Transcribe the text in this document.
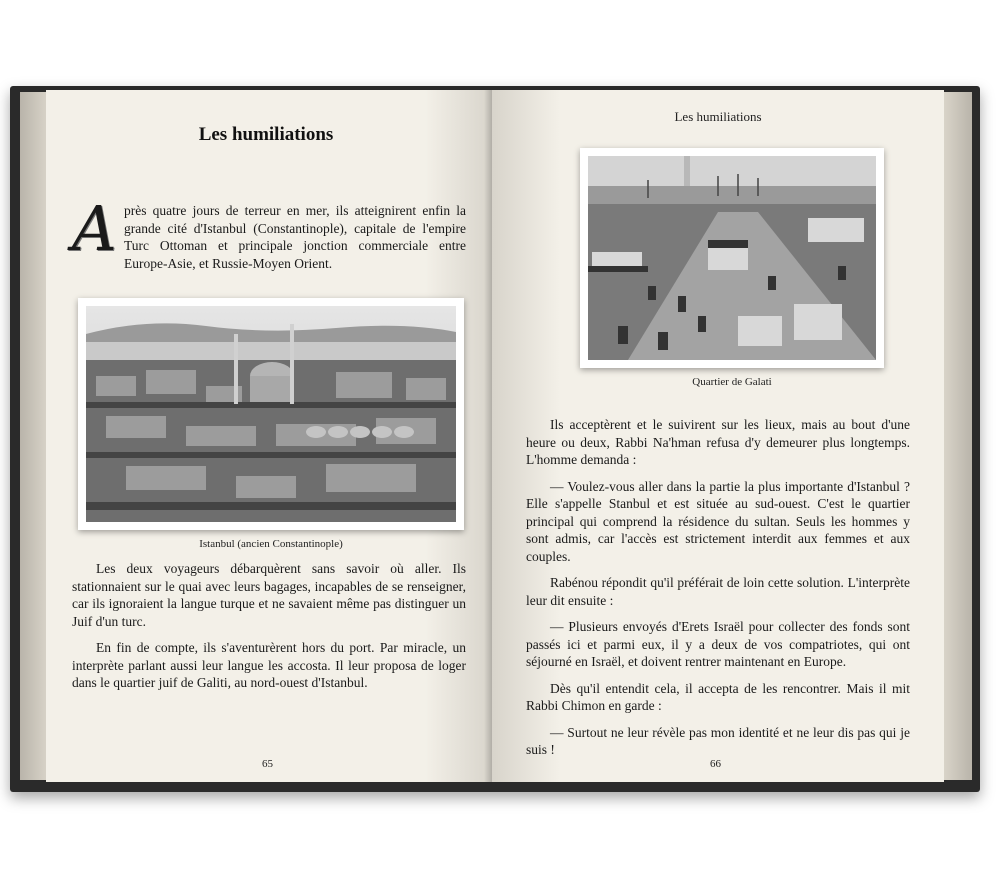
Les humiliations
Après quatre jours de terreur en mer, ils atteignirent enfin la grande cité d'Istanbul (Constantinople), capitale de l'empire Turc Ottoman et principale jonction commerciale entre Europe-Asie, et Russie-Moyen Orient.
Istanbul (ancien Constantinople)

Les deux voyageurs débarquèrent sans savoir où aller. Ils stationnaient sur le quai avec leurs bagages, incapables de se renseigner, car ils ignoraient la langue turque et ne savaient même pas distinguer un Juif d'un turc.

En fin de compte, ils s'aventurèrent hors du port. Par miracle, un interprète parlant aussi leur langue les accosta. Il leur proposa de loger dans le quartier juif de Galiti, au nord-ouest d'Istanbul.

65
Les humiliations
Quartier de Galati

Ils acceptèrent et le suivirent sur les lieux, mais au bout d'une heure ou deux, Rabbi Na'hman refusa d'y demeurer plus longtemps. L'homme demanda :

— Voulez-vous aller dans la partie la plus importante d'Istanbul ? Elle s'appelle Stanbul et est située au sud-ouest. C'est le quartier principal qui comprend la résidence du sultan. Seuls les hommes y sont admis, car l'accès est strictement interdit aux femmes et aux couples.

Rabénou répondit qu'il préférait de loin cette solution. L'interprète leur dit ensuite :

— Plusieurs envoyés d'Erets Israël pour collecter des fonds sont passés ici et parmi eux, il y a deux de vos compatriotes, qui ont séjourné en Israël, et doivent rentrer maintenant en Europe.

Dès qu'il entendit cela, il accepta de les rencontrer. Mais il mit Rabbi Chimon en garde :

— Surtout ne leur révèle pas mon identité et ne leur dis pas qui je suis !

66
